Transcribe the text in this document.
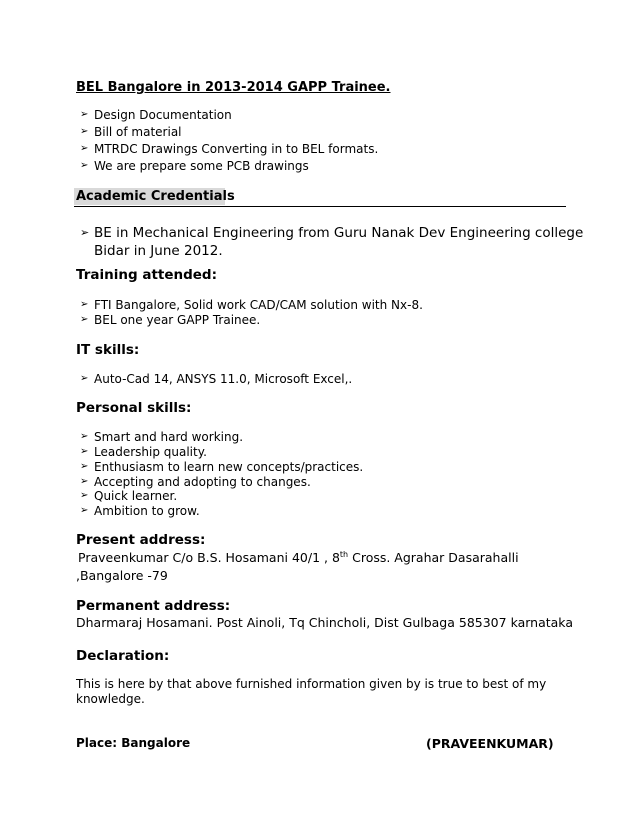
BEL Bangalore in 2013-2014 GAPP Trainee.
➢ Design Documentation
➢ Bill of material
➢ MTRDC Drawings Converting in to BEL formats.
➢ We are prepare some PCB drawings
Academic Credentials
➢ BE in Mechanical Engineering from Guru Nanak Dev Engineering college
Bidar in June 2012.
Training attended:
➢ FTI Bangalore, Solid work CAD/CAM solution with Nx-8.
➢ BEL one year GAPP Trainee.
IT skills:
➢ Auto-Cad 14, ANSYS 11.0, Microsoft Excel,.
Personal skills:
➢ Smart and hard working.
➢ Leadership quality.
➢ Enthusiasm to learn new concepts/practices.
➢ Accepting and adopting to changes.
➢ Quick learner.
➢ Ambition to grow.
Present address:
Praveenkumar C/o B.S. Hosamani 40/1 , 8th Cross. Agrahar Dasarahalli
,Bangalore -79
Permanent address:
Dharmaraj Hosamani. Post Ainoli, Tq Chincholi, Dist Gulbaga 585307 karnataka
Declaration:
This is here by that above furnished information given by is true to best of my
knowledge.
Place: Bangalore	(PRAVEENKUMAR)
